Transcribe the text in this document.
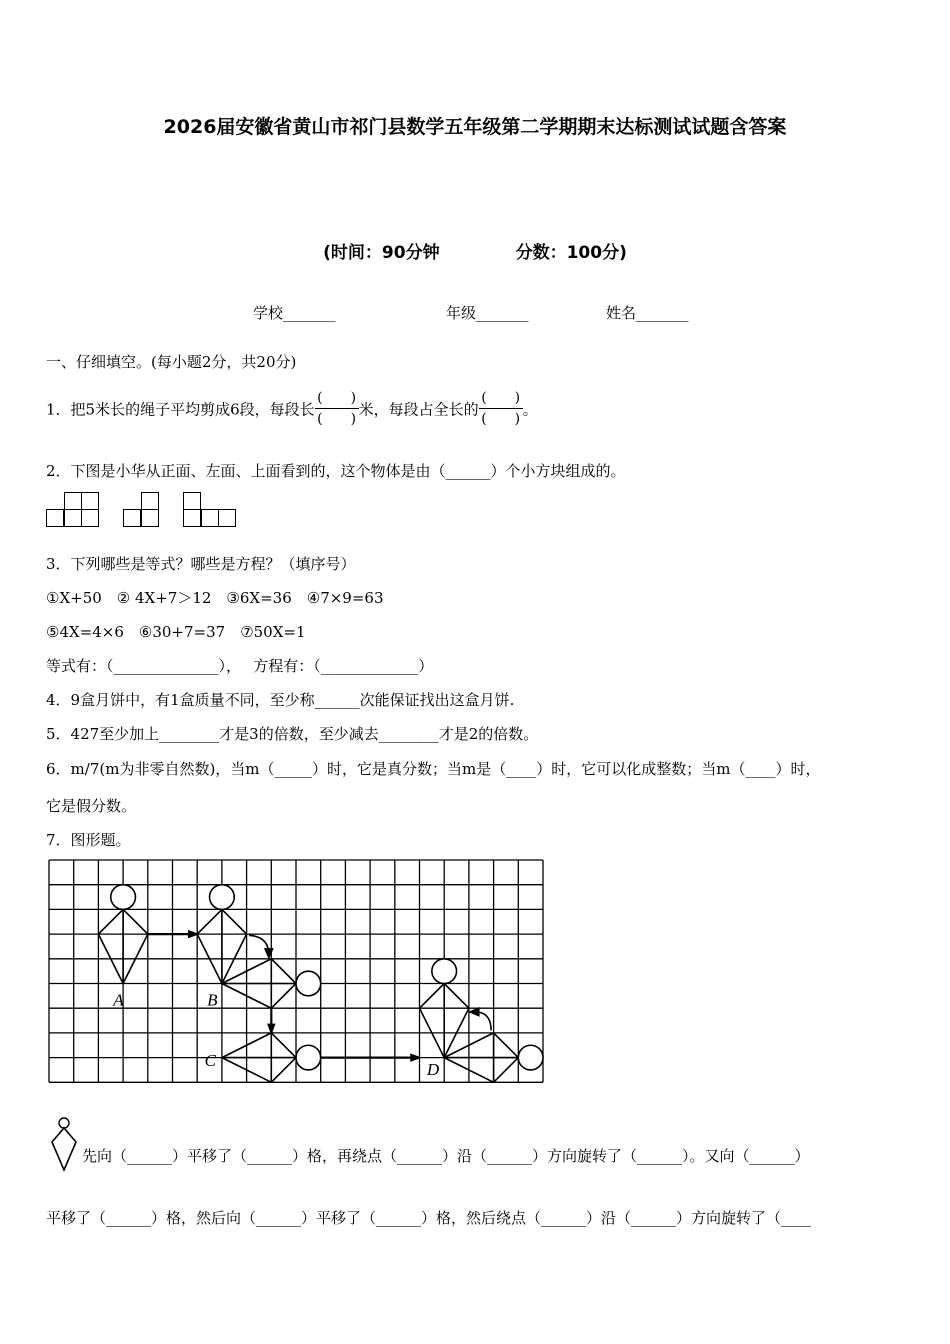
2026届安徽省黄山市祁门县数学五年级第二学期期末达标测试试题含答案
(时间：90分钟	分数：100分)
学校_______	年级_______	姓名_______
一、仔细填空。(每小题2分，共20分)
1．把5米长的绳子平均剪成6段，每段长 $\frac{( )}{( )}$米，每段占全长的 $\frac{( )}{( )}$。
2．下图是小华从正面、左面、上面看到的，这个物体是由（______）个小方块组成的。
3．下列哪些是等式？哪些是方程？（填序号）
①X+50　② 4X+7＞12　③6X=36　④7×9=63
⑤4X=4×6　⑥30+7=37　⑦50X=1
等式有：（______________），　 方程有：（_____________）
4．9盒月饼中，有1盒质量不同，至少称______次能保证找出这盒月饼.
5．427至少加上________才是3的倍数，至少减去________才是2的倍数。
6．m/7(m为非零自然数)，当m（_____）时，它是真分数；当m是（____）时，它可以化成整数；当m（____）时，
它是假分数。
7．图形题。
A	B
C	D
先向（______）平移了（______）格，再绕点（______）沿（______）方向旋转了（______）。又向（______）
平移了（______）格，然后向（______）平移了（______）格，然后绕点（______）沿（______）方向旋转了（____
